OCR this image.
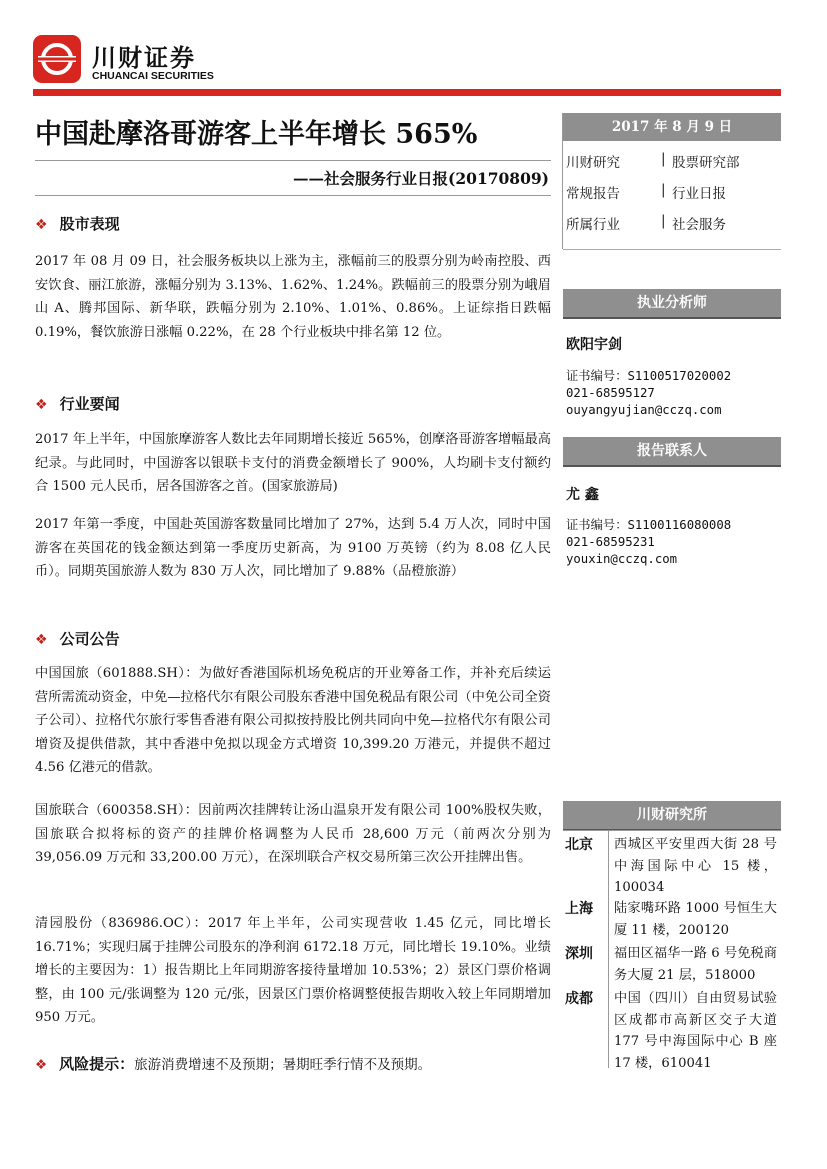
川财证券
CHUANCAI SECURITIES
中国赴摩洛哥游客上半年增长 565%
——社会服务行业日报(20170809)
❖ 股市表现
2017 年 08 月 09 日，社会服务板块以上涨为主，涨幅前三的股票分别为岭南控股、西安饮食、丽江旅游，涨幅分别为 3.13%、1.62%、1.24%。跌幅前三的股票分别为峨眉山 A、腾邦国际、新华联，跌幅分别为 2.10%、1.01%、0.86%。上证综指日跌幅 0.19%，餐饮旅游日涨幅 0.22%，在 28 个行业板块中排名第 12 位。
❖ 行业要闻
2017 年上半年，中国旅摩游客人数比去年同期增长接近 565%，创摩洛哥游客增幅最高纪录。与此同时，中国游客以银联卡支付的消费金额增长了 900%，人均刷卡支付额约合 1500 元人民币，居各国游客之首。(国家旅游局)
2017 年第一季度，中国赴英国游客数量同比增加了 27%，达到 5.4 万人次，同时中国游客在英国花的钱金额达到第一季度历史新高，为 9100 万英镑（约为 8.08 亿人民币）。同期英国旅游人数为 830 万人次，同比增加了 9.88%（品橙旅游）
❖ 公司公告
中国国旅（601888.SH）：为做好香港国际机场免税店的开业筹备工作，并补充后续运营所需流动资金，中免—拉格代尔有限公司股东香港中国免税品有限公司（中免公司全资子公司）、拉格代尔旅行零售香港有限公司拟按持股比例共同向中免—拉格代尔有限公司增资及提供借款，其中香港中免拟以现金方式增资 10,399.20 万港元，并提供不超过 4.56 亿港元的借款。
国旅联合（600358.SH）：因前两次挂牌转让汤山温泉开发有限公司 100%股权失败，国旅联合拟将标的资产的挂牌价格调整为人民币 28,600 万元（前两次分别为 39,056.09 万元和 33,200.00 万元），在深圳联合产权交易所第三次公开挂牌出售。
清园股份（836986.OC）：2017 年上半年，公司实现营收 1.45 亿元，同比增长 16.71%；实现归属于挂牌公司股东的净利润 6172.18 万元，同比增长 19.10%。业绩增长的主要因为：1）报告期比上年同期游客接待量增加 10.53%；2）景区门票价格调整，由 100 元/张调整为 120 元/张，因景区门票价格调整使报告期收入较上年同期增加 950 万元。
❖ 风险提示：旅游消费增速不及预期；暑期旺季行情不及预期。
2017 年 8 月 9 日
川财研究	| 股票研究部
常规报告	| 行业日报
所属行业	| 社会服务
执业分析师
欧阳宇剑
证书编号：S1100517020002
021-68595127
ouyangyujian@cczq.com
报告联系人
尤 鑫
证书编号：S1100116080008
021-68595231
youxin@cczq.com
川财研究所
北京 西城区平安里西大街 28 号中海国际中心 15 楼，100034
上海 陆家嘴环路 1000 号恒生大厦 11 楼，200120
深圳 福田区福华一路 6 号免税商务大厦 21 层，518000
成都 中国（四川）自由贸易试验区成都市高新区交子大道 177 号中海国际中心 B 座 17 楼，610041
